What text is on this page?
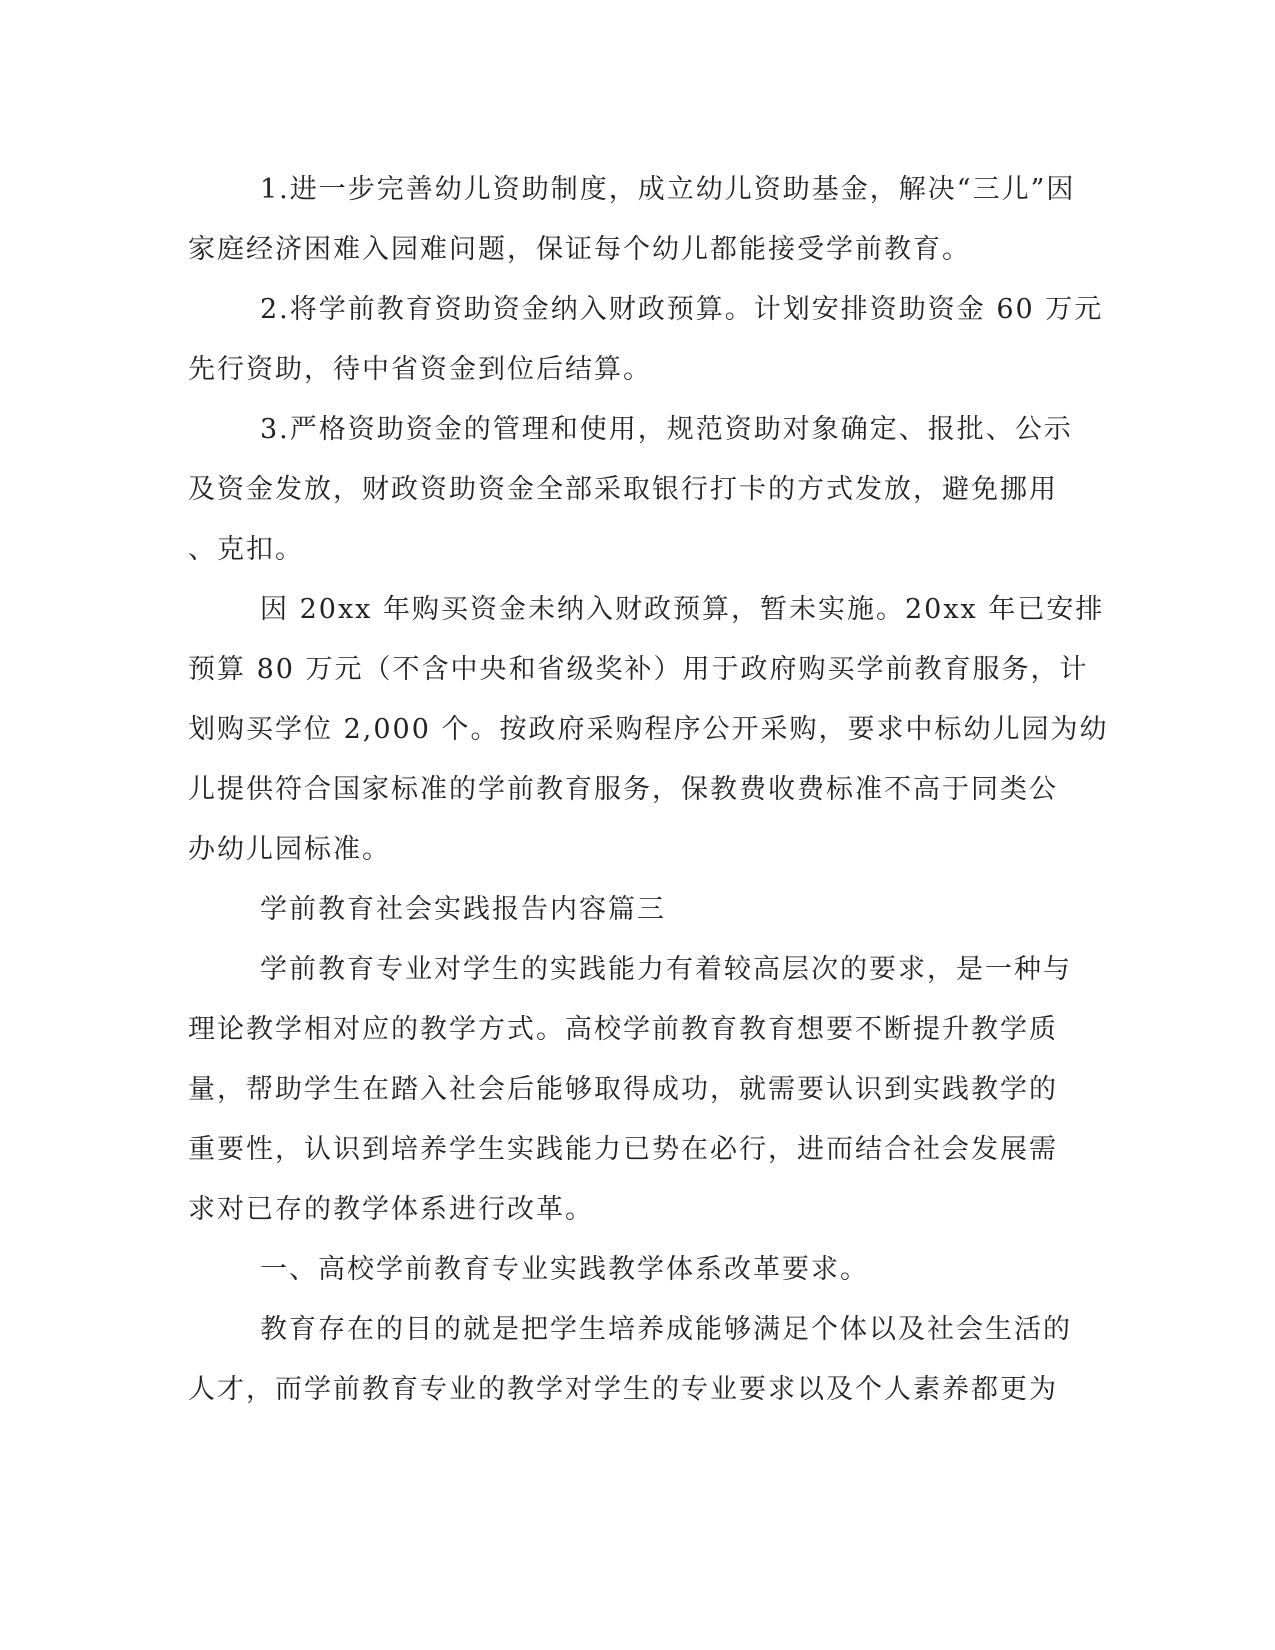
1.进一步完善幼儿资助制度，成立幼儿资助基金，解决“三儿”因
家庭经济困难入园难问题，保证每个幼儿都能接受学前教育。
2.将学前教育资助资金纳入财政预算。计划安排资助资金 60 万元
先行资助，待中省资金到位后结算。
3.严格资助资金的管理和使用，规范资助对象确定、报批、公示
及资金发放，财政资助资金全部采取银行打卡的方式发放，避免挪用
、克扣。
因 20xx 年购买资金未纳入财政预算，暂未实施。20xx 年已安排
预算 80 万元（不含中央和省级奖补）用于政府购买学前教育服务，计
划购买学位 2,000 个。按政府采购程序公开采购，要求中标幼儿园为幼
儿提供符合国家标准的学前教育服务，保教费收费标准不高于同类公
办幼儿园标准。
学前教育社会实践报告内容篇三
学前教育专业对学生的实践能力有着较高层次的要求，是一种与
理论教学相对应的教学方式。高校学前教育教育想要不断提升教学质
量，帮助学生在踏入社会后能够取得成功，就需要认识到实践教学的
重要性，认识到培养学生实践能力已势在必行，进而结合社会发展需
求对已存的教学体系进行改革。
一、高校学前教育专业实践教学体系改革要求。
教育存在的目的就是把学生培养成能够满足个体以及社会生活的
人才，而学前教育专业的教学对学生的专业要求以及个人素养都更为
